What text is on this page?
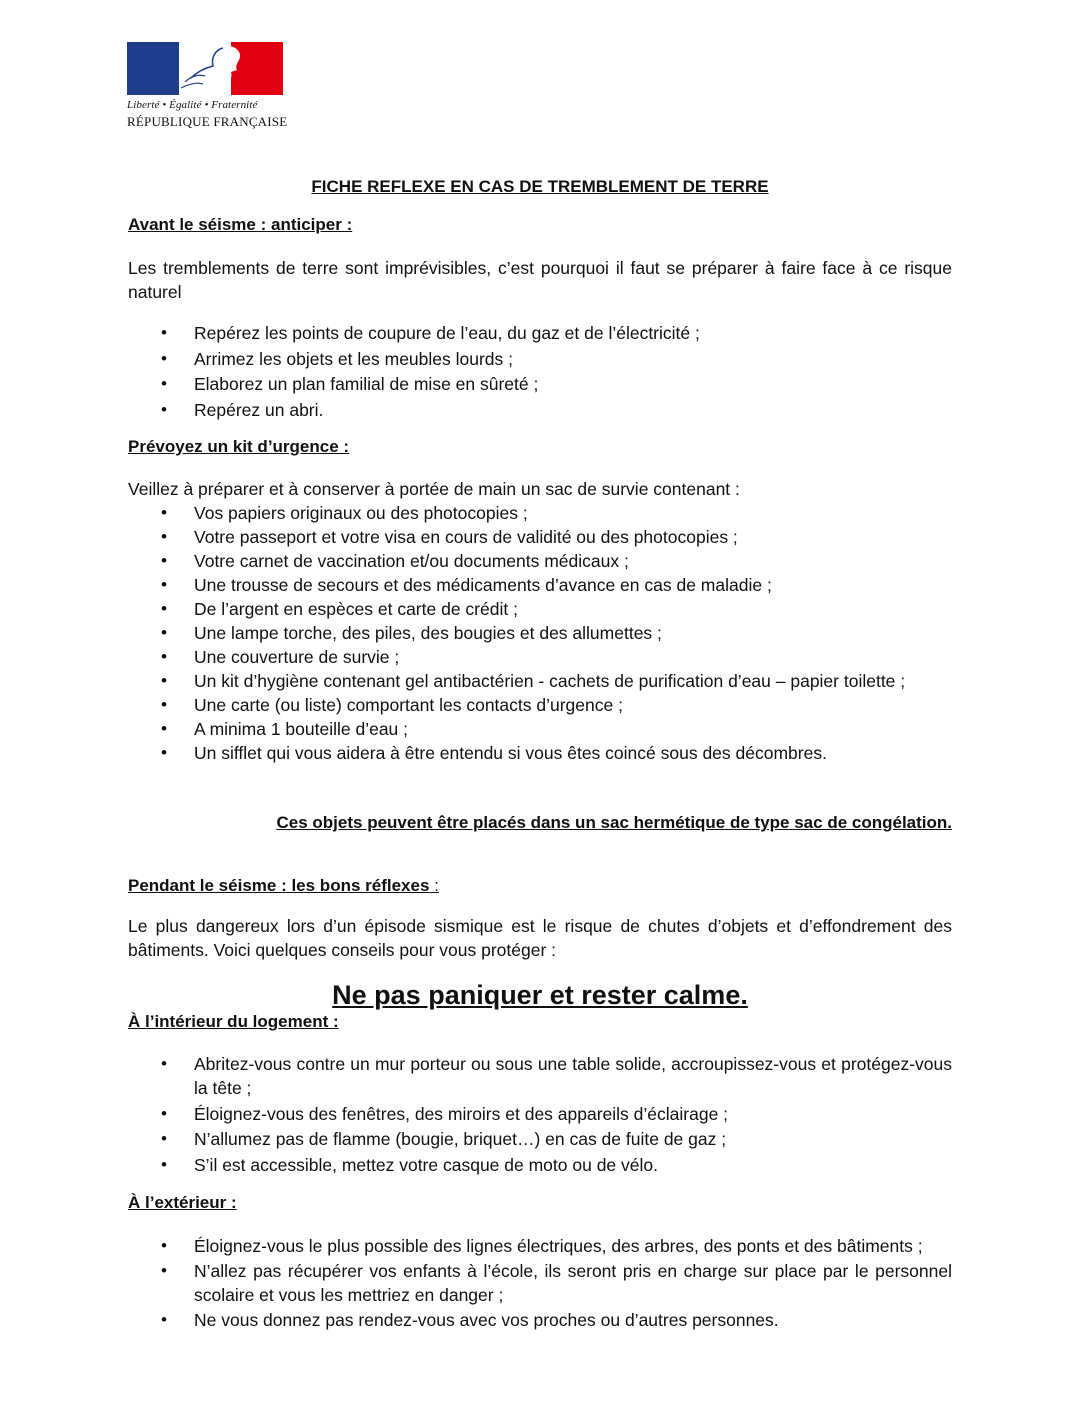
Liberté • Égalité • Fraternité
RÉPUBLIQUE FRANÇAISE
FICHE REFLEXE EN CAS DE TREMBLEMENT DE TERRE
Avant le séisme : anticiper :

Les tremblements de terre sont imprévisibles, c’est pourquoi il faut se préparer à faire face à ce risque naturel

• Repérez les points de coupure de l’eau, du gaz et de l’électricité ;
• Arrimez les objets et les meubles lourds ;
• Elaborez un plan familial de mise en sûreté ;
• Repérez un abri.
Prévoyez un kit d’urgence :

Veillez à préparer et à conserver à portée de main un sac de survie contenant :

• Vos papiers originaux ou des photocopies ;
• Votre passeport et votre visa en cours de validité ou des photocopies ;
• Votre carnet de vaccination et/ou documents médicaux ;
• Une trousse de secours et des médicaments d’avance en cas de maladie ;
• De l’argent en espèces et carte de crédit ;
• Une lampe torche, des piles, des bougies et des allumettes ;
• Une couverture de survie ;
• Un kit d’hygiène contenant gel antibactérien - cachets de purification d’eau – papier toilette ;
• Une carte (ou liste) comportant les contacts d’urgence ;
• A minima 1 bouteille d’eau ;
• Un sifflet qui vous aidera à être entendu si vous êtes coincé sous des décombres.

Ces objets peuvent être placés dans un sac hermétique de type sac de congélation.

Pendant le séisme : les bons réflexes :

Le plus dangereux lors d’un épisode sismique est le risque de chutes d’objets et d’effondrement des bâtiments. Voici quelques conseils pour vous protéger :

Ne pas paniquer et rester calme.

À l’intérieur du logement :
• Abritez-vous contre un mur porteur ou sous une table solide, accroupissez-vous et protégez-vous la tête ;
• Éloignez-vous des fenêtres, des miroirs et des appareils d’éclairage ;
• N’allumez pas de flamme (bougie, briquet…) en cas de fuite de gaz ;
• S’il est accessible, mettez votre casque de moto ou de vélo.
À l’extérieur :
• Éloignez-vous le plus possible des lignes électriques, des arbres, des ponts et des bâtiments ;
• N’allez pas récupérer vos enfants à l’école, ils seront pris en charge sur place par le personnel scolaire et vous les mettriez en danger ;
• Ne vous donnez pas rendez-vous avec vos proches ou d’autres personnes.
